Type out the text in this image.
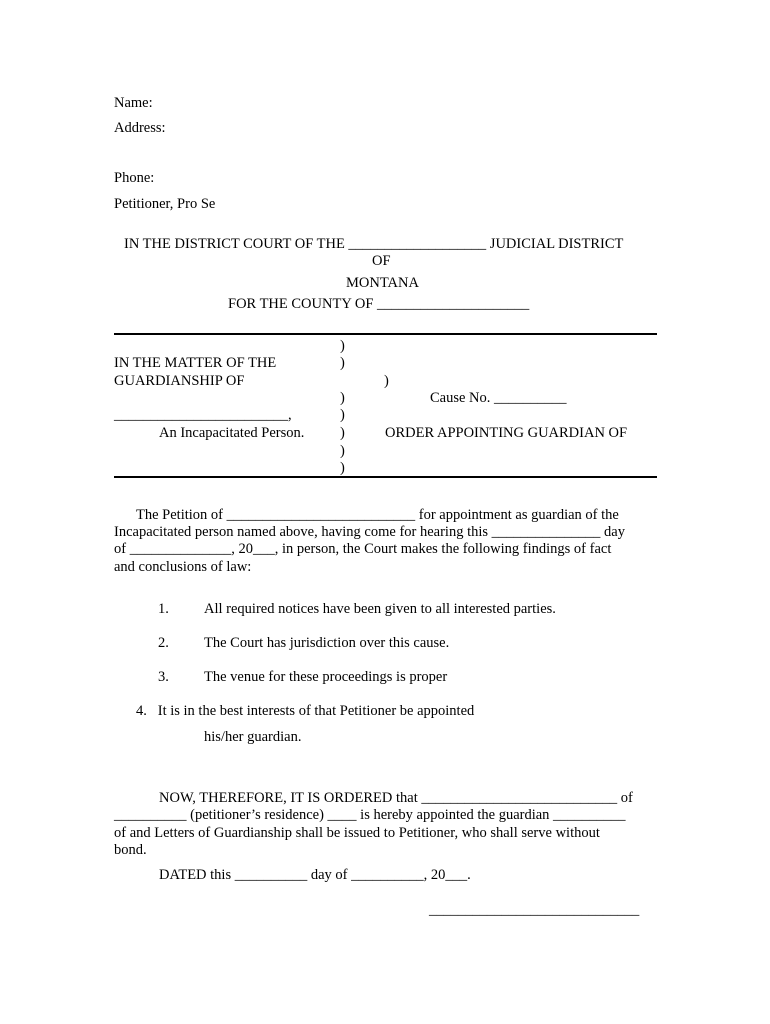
Name:
Address:
Phone:
Petitioner, Pro Se
IN THE DISTRICT COURT OF THE ___________________ JUDICIAL DISTRICT
OF
MONTANA
FOR THE COUNTY OF _____________________
)
IN THE MATTER OF THE	)
GUARDIANSHIP OF	)
)	Cause No. __________
________________________,	)
An Incapacitated Person. )	ORDER APPOINTING GUARDIAN OF
)
)
The Petition of __________________________ for appointment as guardian of the
Incapacitated person named above, having come for hearing this _______________ day
of ______________, 20___, in person, the Court makes the following findings of fact
and conclusions of law:
1. All required notices have been given to all interested parties.
2. The Court has jurisdiction over this cause.
3. The venue for these proceedings is proper
4.   It is in the best interests of that Petitioner be appointed
his/her guardian.
NOW, THEREFORE, IT IS ORDERED that ___________________________ of
__________ (petitioner’s residence) ____ is hereby appointed the guardian __________
of and Letters of Guardianship shall be issued to Petitioner, who shall serve without
bond.
DATED this __________ day of __________, 20___.
_____________________________
